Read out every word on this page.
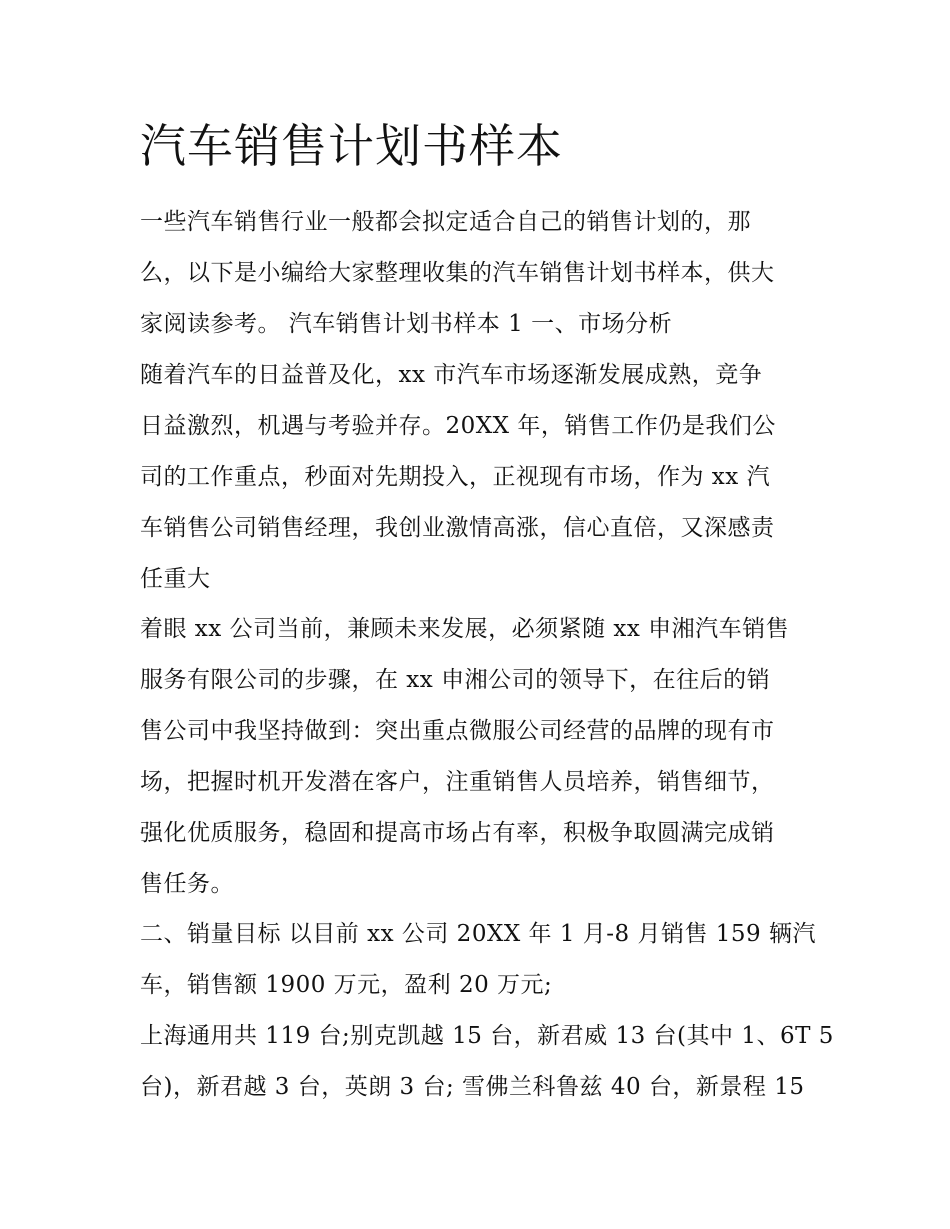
汽车销售计划书样本
一些汽车销售行业一般都会拟定适合自己的销售计划的，那
么，以下是小编给大家整理收集的汽车销售计划书样本，供大
家阅读参考。 汽车销售计划书样本 1 一、市场分析
随着汽车的日益普及化，xx 市汽车市场逐渐发展成熟，竞争
日益激烈，机遇与考验并存。20XX 年，销售工作仍是我们公
司的工作重点，秒面对先期投入，正视现有市场，作为 xx 汽
车销售公司销售经理，我创业激情高涨，信心直倍，又深感责
任重大
着眼 xx 公司当前，兼顾未来发展，必须紧随 xx 申湘汽车销售
服务有限公司的步骤，在 xx 申湘公司的领导下，在往后的销
售公司中我坚持做到：突出重点微服公司经营的品牌的现有市
场，把握时机开发潜在客户，注重销售人员培养，销售细节，
强化优质服务，稳固和提高市场占有率，积极争取圆满完成销
售任务。
二、销量目标 以目前 xx 公司 20XX 年 1 月-8 月销售 159 辆汽
车，销售额 1900 万元，盈利 20 万元;
上海通用共 119 台;别克凯越 15 台，新君威 13 台(其中 1、6T 5
台)，新君越 3 台，英朗 3 台; 雪佛兰科鲁兹 40 台，新景程 15
